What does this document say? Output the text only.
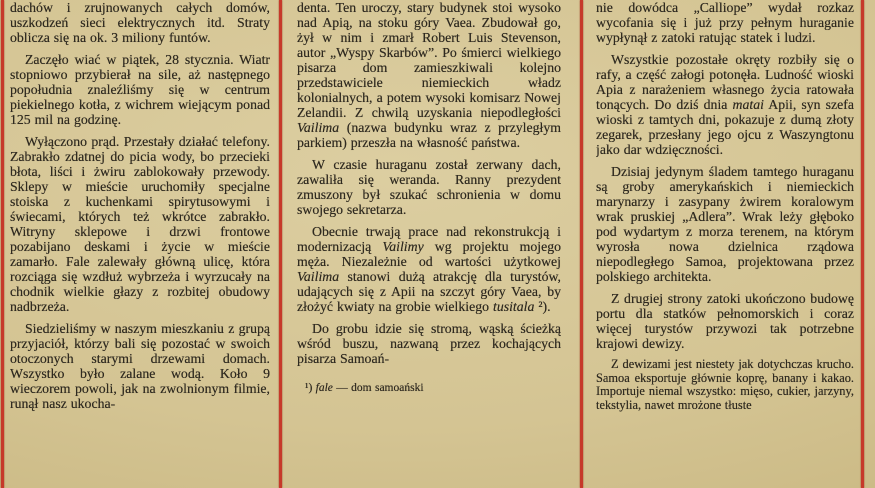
dachów i zrujnowanych całych domów, uszkodzeń sieci elektrycznych itd. Straty oblicza się na ok. 3 miliony funtów.

Zaczęło wiać w piątek, 28 stycznia. Wiatr stopniowo przybierał na sile, aż następnego popołudnia znaleźliśmy się w centrum piekielnego kotła, z wichrem wiejącym ponad 125 mil na godzinę.

Wyłączono prąd. Przestały działać telefony. Zabrakło zdatnej do picia wody, bo przecieki błota, liści i żwiru zablokowały przewody. Sklepy w mieście uruchomiły specjalne stoiska z kuchenkami spirytusowymi i świecami, których też wkrótce zabrakło. Witryny sklepowe i drzwi frontowe pozabijano deskami i życie w mieście zamarło. Fale zalewały główną ulicę, która rozciąga się wzdłuż wybrzeża i wyrzucały na chodnik wielkie głazy z rozbitej obudowy nadbrzeża.

Siedzieliśmy w naszym mieszkaniu z grupą przyjaciół, którzy bali się pozostać w swoich otoczonych starymi drzewami domach. Wszystko było zalane wodą. Koło 9 wieczorem powoli, jak na zwolnionym filmie, runął nasz ukocha-

denta. Ten uroczy, stary budynek stoi wysoko nad Apią, na stoku góry Vaea. Zbudował go, żył w nim i zmarł Robert Luis Stevenson, autor „Wyspy Skarbów”. Po śmierci wielkiego pisarza dom zamieszkiwali kolejno przedstawiciele niemieckich władz kolonialnych, a potem wysoki komisarz Nowej Zelandii. Z chwilą uzyskania niepodległości Vailima (nazwa budynku wraz z przyległym parkiem) przeszła na własność państwa.

W czasie huraganu został zerwany dach, zawaliła się weranda. Ranny prezydent zmuszony był szukać schronienia w domu swojego sekretarza.

Obecnie trwają prace nad rekonstrukcją i modernizacją Vailimy wg projektu mojego męża. Niezależnie od wartości użytkowej Vailima stanowi dużą atrakcję dla turystów, udających się z Apii na szczyt góry Vaea, by złożyć kwiaty na grobie wielkiego tusitala ²).

Do grobu idzie się stromą, wąską ścieżką wśród buszu, nazwaną przez kochających pisarza Samoań-

¹) fale — dom samoański

nie dowódca „Calliope” wydał rozkaz wycofania się i już przy pełnym huraganie wypłynął z zatoki ratując statek i ludzi.

Wszystkie pozostałe okręty rozbiły się o rafy, a część załogi potonęła. Ludność wioski Apia z narażeniem własnego życia ratowała tonących. Do dziś dnia matai Apii, syn szefa wioski z tamtych dni, pokazuje z dumą złoty zegarek, przesłany jego ojcu z Waszyngtonu jako dar wdzięczności.

Dzisiaj jedynym śladem tamtego huraganu są groby amerykańskich i niemieckich marynarzy i zasypany żwirem koralowym wrak pruskiej „Adlera”. Wrak leży głęboko pod wydartym z morza terenem, na którym wyrosła nowa dzielnica rządowa niepodległego Samoa, projektowana przez polskiego architekta.

Z drugiej strony zatoki ukończono budowę portu dla statków pełnomorskich i coraz więcej turystów przywozi tak potrzebne krajowi dewizy.

Z dewizami jest niestety jak dotychczas krucho. Samoa eksportuje głównie koprę, banany i kakao. Importuje niemal wszystko: mięso, cukier, jarzyny, tekstylia, nawet mrożone tłuste
